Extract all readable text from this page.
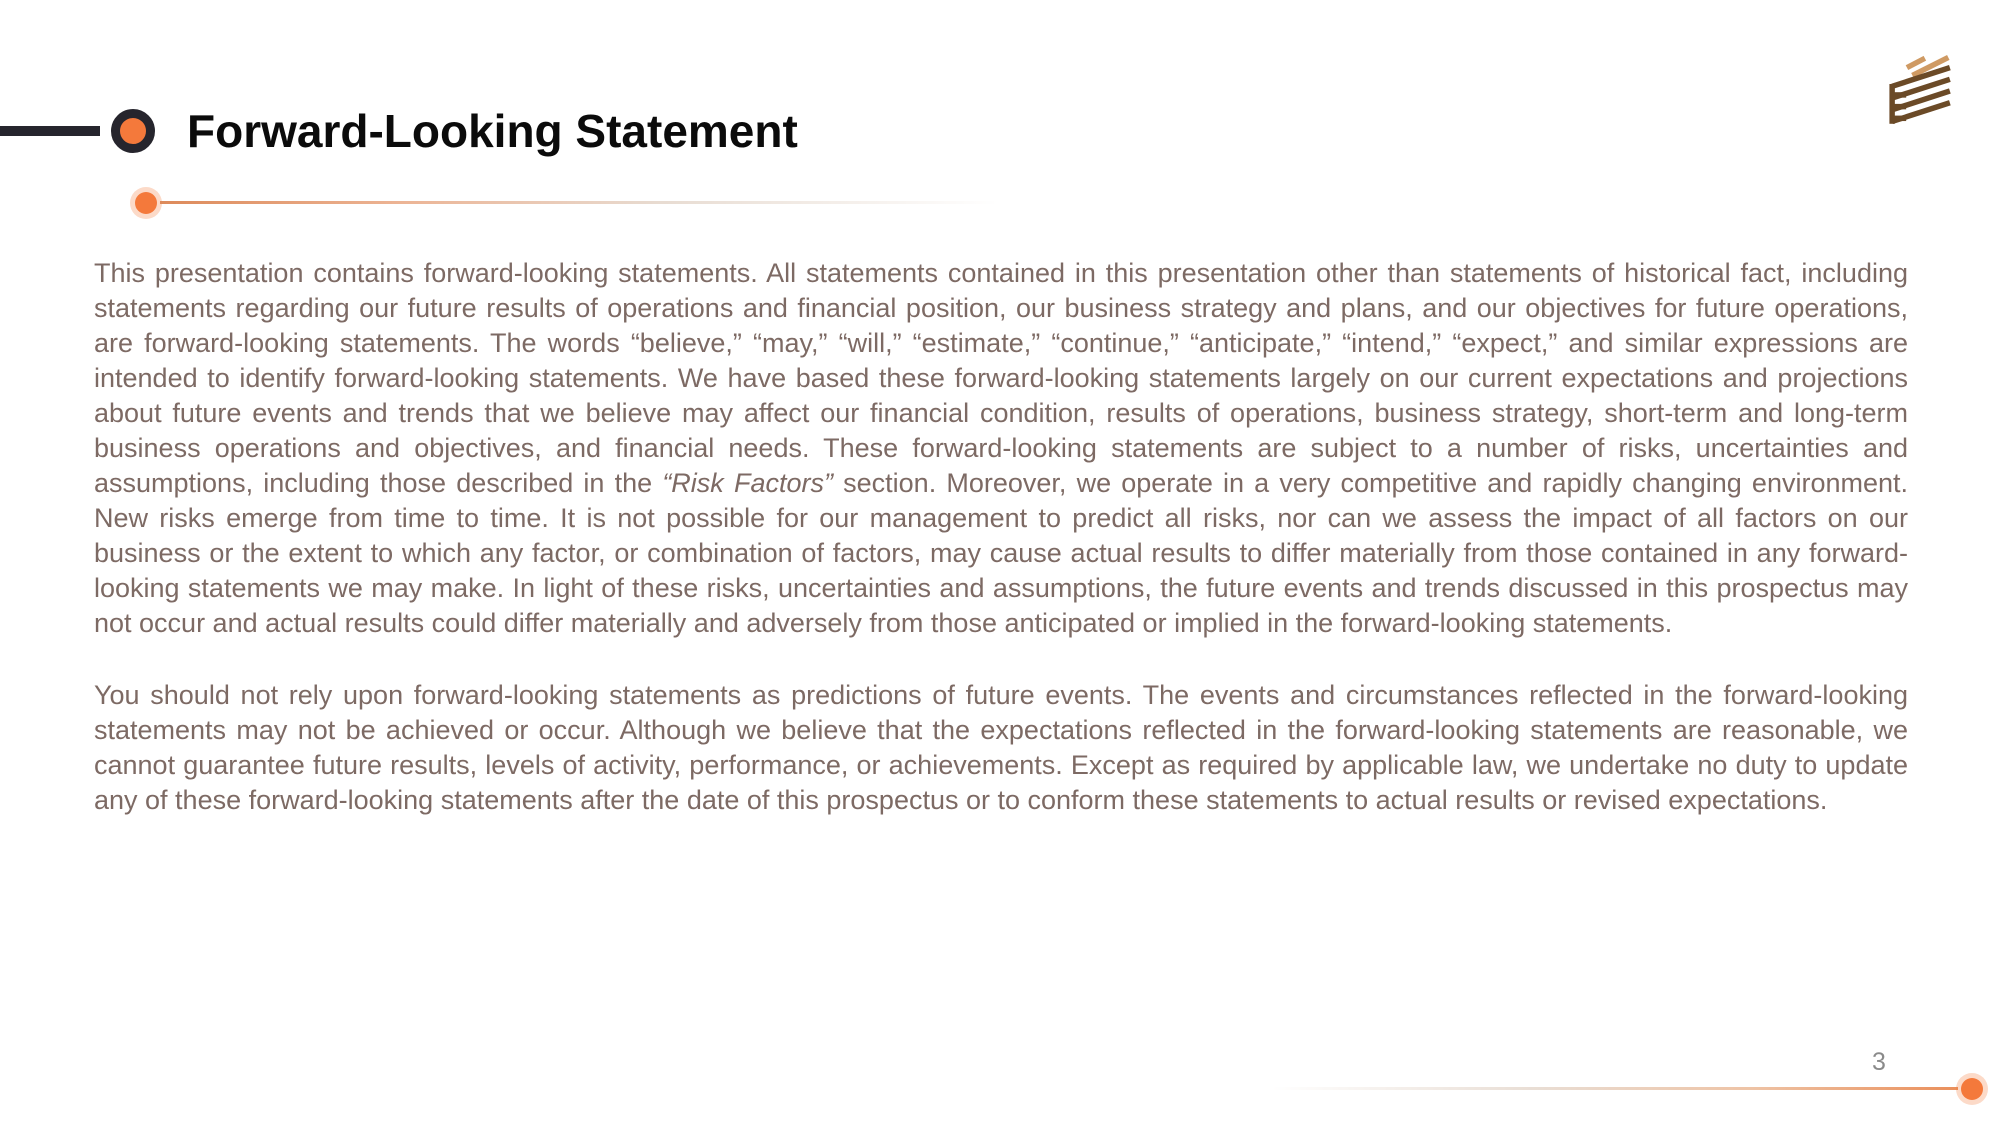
Forward-Looking Statement

This presentation contains forward-looking statements. All statements contained in this presentation other than statements of historical fact, including statements regarding our future results of operations and financial position, our business strategy and plans, and our objectives for future operations, are forward-looking statements. The words “believe,” “may,” “will,” “estimate,” “continue,” “anticipate,” “intend,” “expect,” and similar expressions are intended to identify forward-looking statements. We have based these forward-looking statements largely on our current expectations and projections about future events and trends that we believe may affect our financial condition, results of operations, business strategy, short-term and long-term business operations and objectives, and financial needs. These forward-looking statements are subject to a number of risks, uncertainties and assumptions, including those described in the “Risk Factors” section. Moreover, we operate in a very competitive and rapidly changing environment. New risks emerge from time to time. It is not possible for our management to predict all risks, nor can we assess the impact of all factors on our business or the extent to which any factor, or combination of factors, may cause actual results to differ materially from those contained in any forward-looking statements we may make. In light of these risks, uncertainties and assumptions, the future events and trends discussed in this prospectus may not occur and actual results could differ materially and adversely from those anticipated or implied in the forward-looking statements.

You should not rely upon forward-looking statements as predictions of future events. The events and circumstances reflected in the forward-looking statements may not be achieved or occur. Although we believe that the expectations reflected in the forward-looking statements are reasonable, we cannot guarantee future results, levels of activity, performance, or achievements. Except as required by applicable law, we undertake no duty to update any of these forward-looking statements after the date of this prospectus or to conform these statements to actual results or revised expectations.

3
